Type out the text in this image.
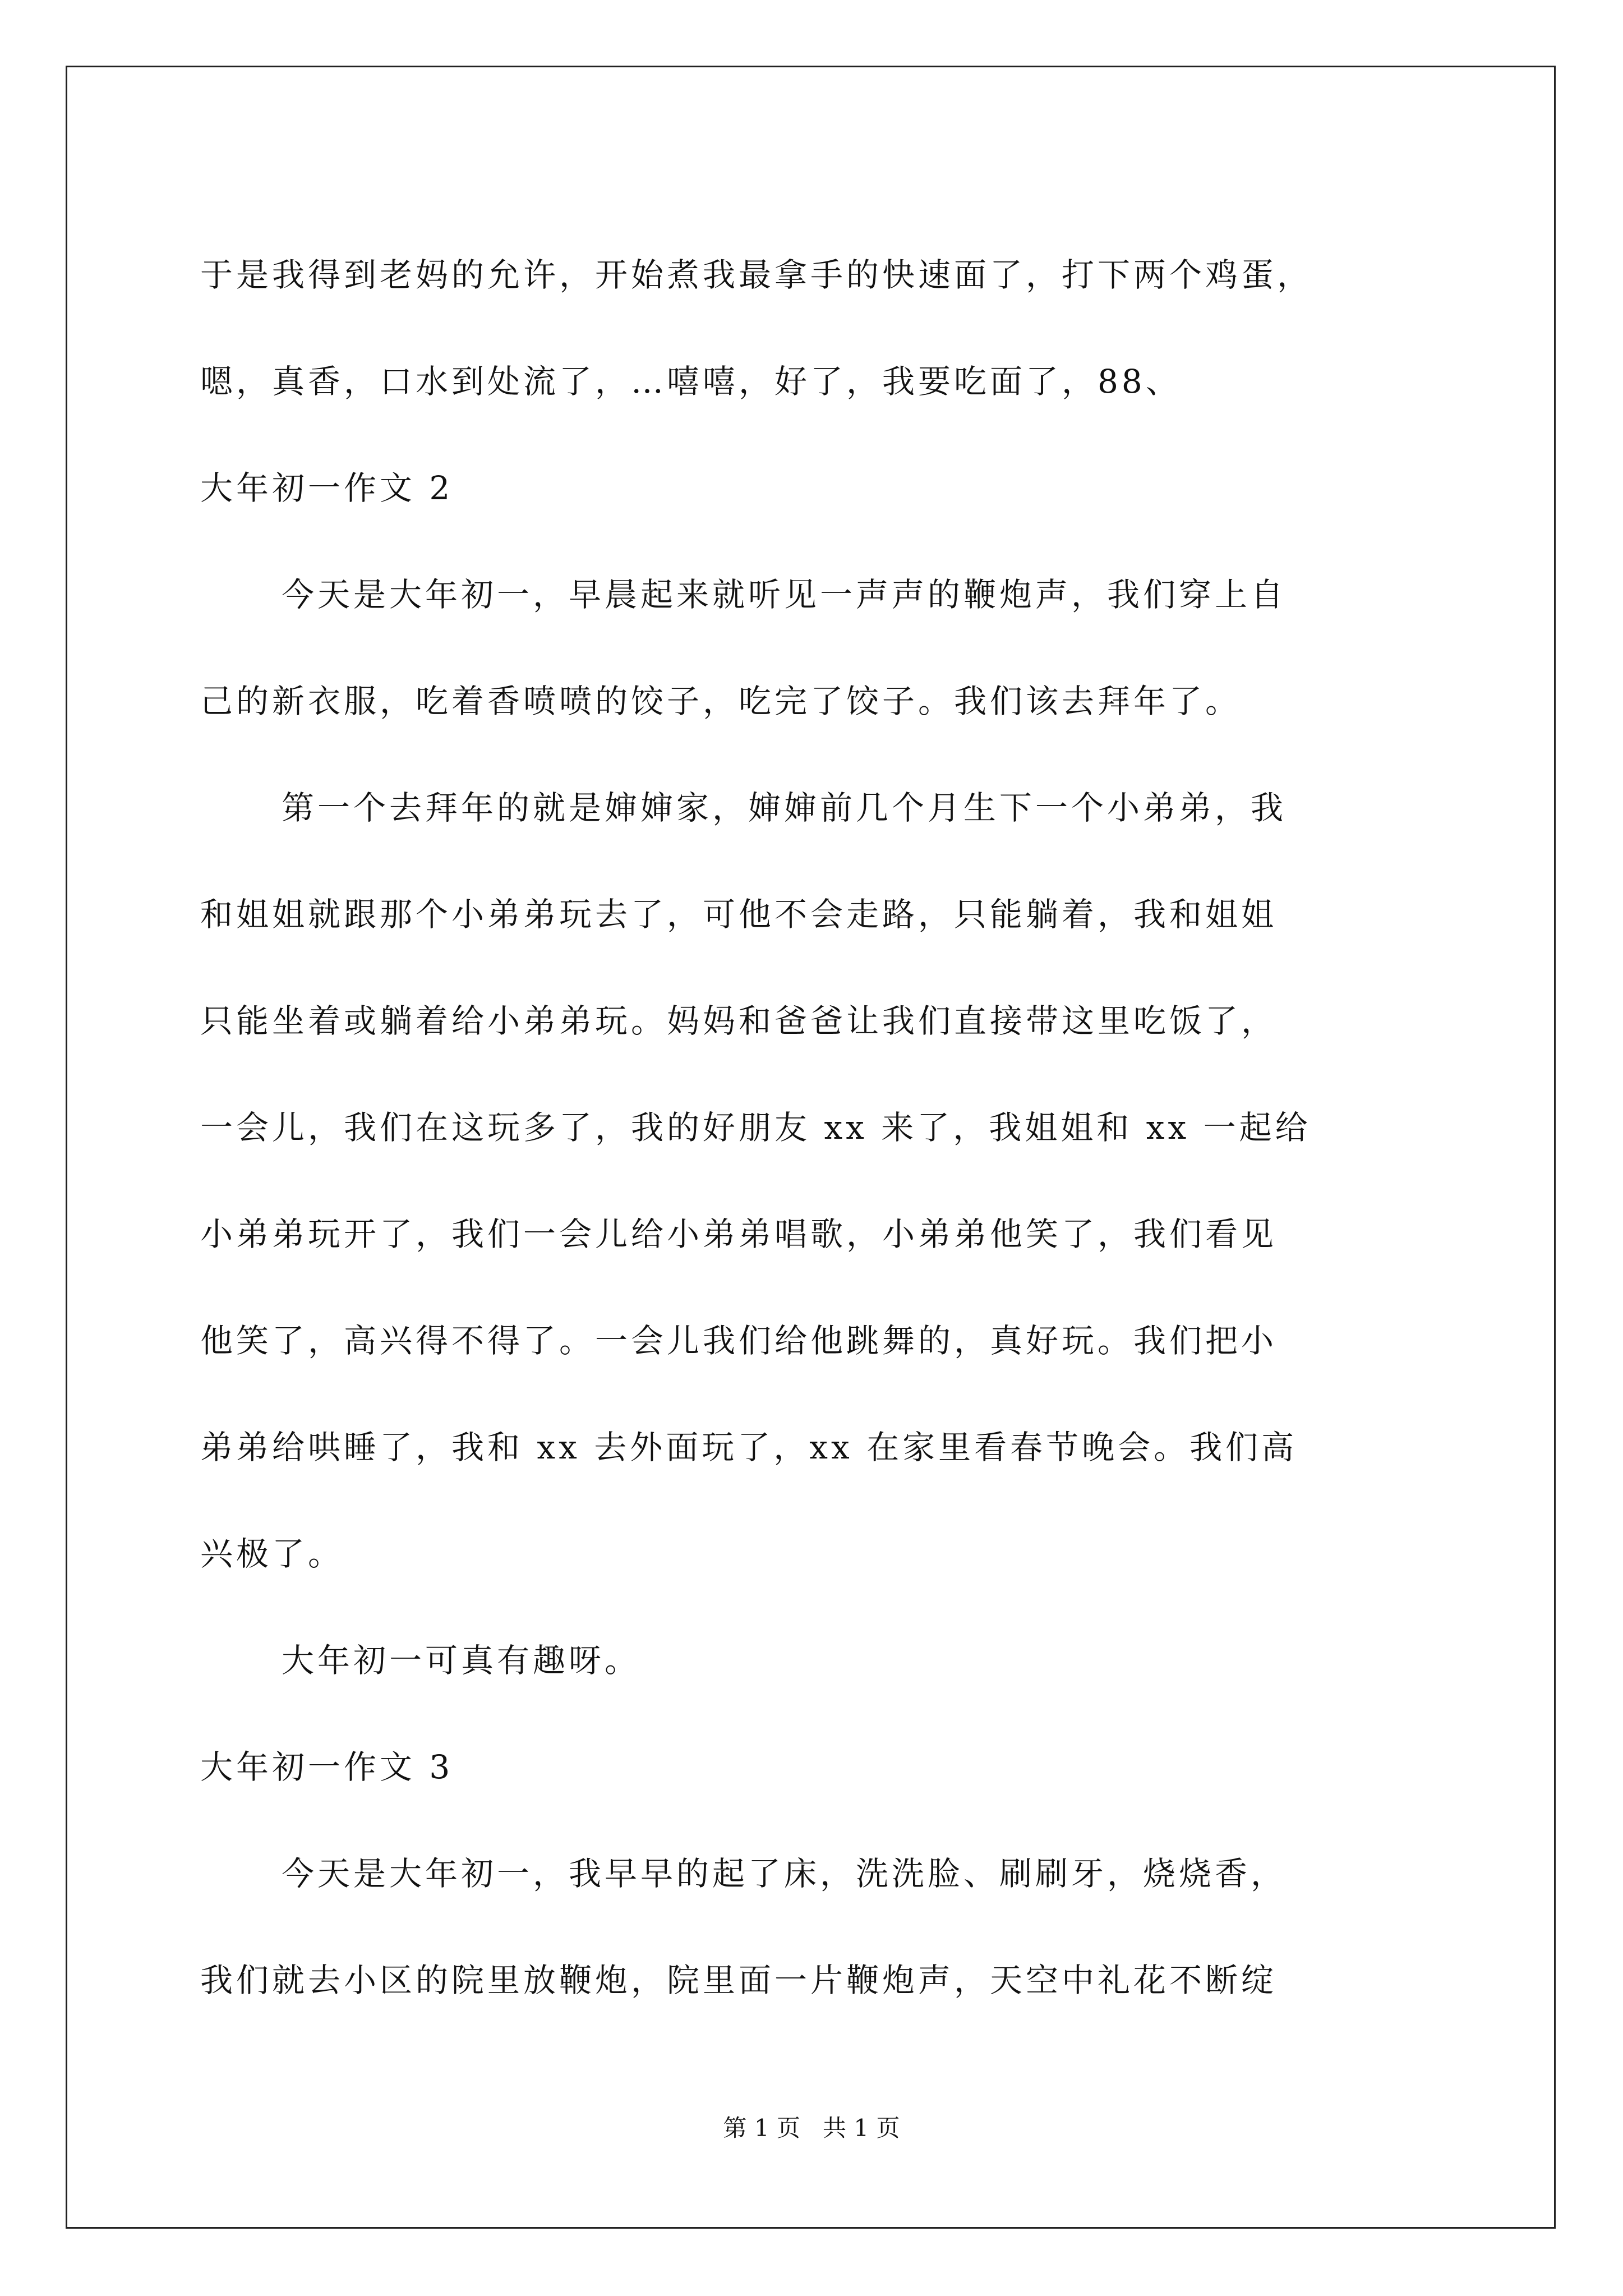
于是我得到老妈的允许，开始煮我最拿手的快速面了，打下两个鸡蛋，
嗯，真香，口水到处流了，…嘻嘻，好了，我要吃面了，88、
大年初一作文 2
今天是大年初一，早晨起来就听见一声声的鞭炮声，我们穿上自
己的新衣服，吃着香喷喷的饺子，吃完了饺子。我们该去拜年了。
第一个去拜年的就是婶婶家，婶婶前几个月生下一个小弟弟，我
和姐姐就跟那个小弟弟玩去了，可他不会走路，只能躺着，我和姐姐
只能坐着或躺着给小弟弟玩。妈妈和爸爸让我们直接带这里吃饭了，
一会儿，我们在这玩多了，我的好朋友 xx 来了，我姐姐和 xx 一起给
小弟弟玩开了，我们一会儿给小弟弟唱歌，小弟弟他笑了，我们看见
他笑了，高兴得不得了。一会儿我们给他跳舞的，真好玩。我们把小
弟弟给哄睡了，我和 xx 去外面玩了，xx 在家里看春节晚会。我们高
兴极了。
大年初一可真有趣呀。
大年初一作文 3
今天是大年初一，我早早的起了床，洗洗脸、刷刷牙，烧烧香，
我们就去小区的院里放鞭炮，院里面一片鞭炮声，天空中礼花不断绽
第 1 页   共 1 页
